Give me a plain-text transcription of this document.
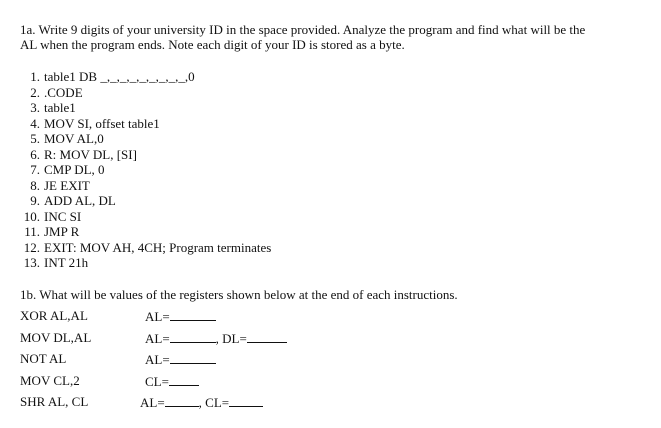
1a. Write 9 digits of your university ID in the space provided. Analyze the program and find what will be the
AL when the program ends. Note each digit of your ID is stored as a byte.
1. table1 DB _,_,_,_,_,_,_,_,_,0
2. .CODE
3. table1
4. MOV SI, offset table1
5. MOV AL,0
6. R: MOV DL, [SI]
7. CMP DL, 0
8. JE EXIT
9. ADD AL, DL
10. INC SI
11. JMP R
12. EXIT: MOV AH, 4CH; Program terminates
13. INT 21h
1b. What will be values of the registers shown below at the end of each instructions.
XOR AL,AL	AL=
MOV DL,AL	AL=	, DL=
NOT AL	AL=
MOV CL,2	CL=
SHR AL, CL	AL=	, CL=
